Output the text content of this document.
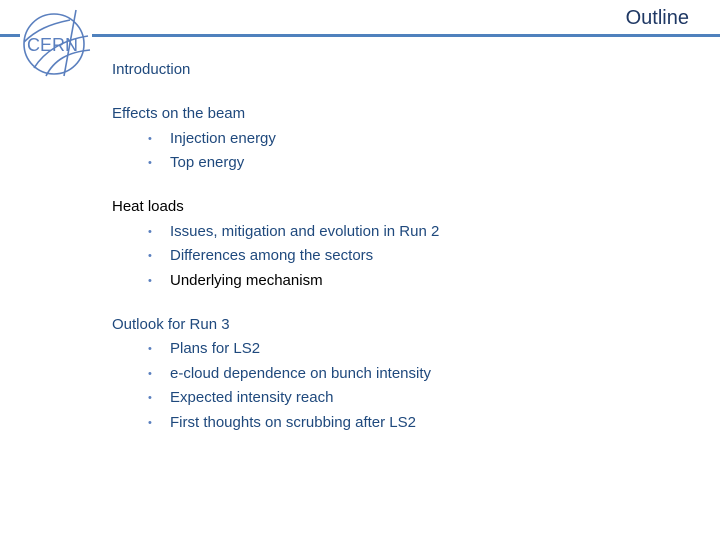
CERN
Outline
Introduction
Effects on the beam
• Injection energy
• Top energy
Heat loads
• Issues, mitigation and evolution in Run 2
• Differences among the sectors
• Underlying mechanism
Outlook for Run 3
• Plans for LS2
• e-cloud dependence on bunch intensity
• Expected intensity reach
• First thoughts on scrubbing after LS2
